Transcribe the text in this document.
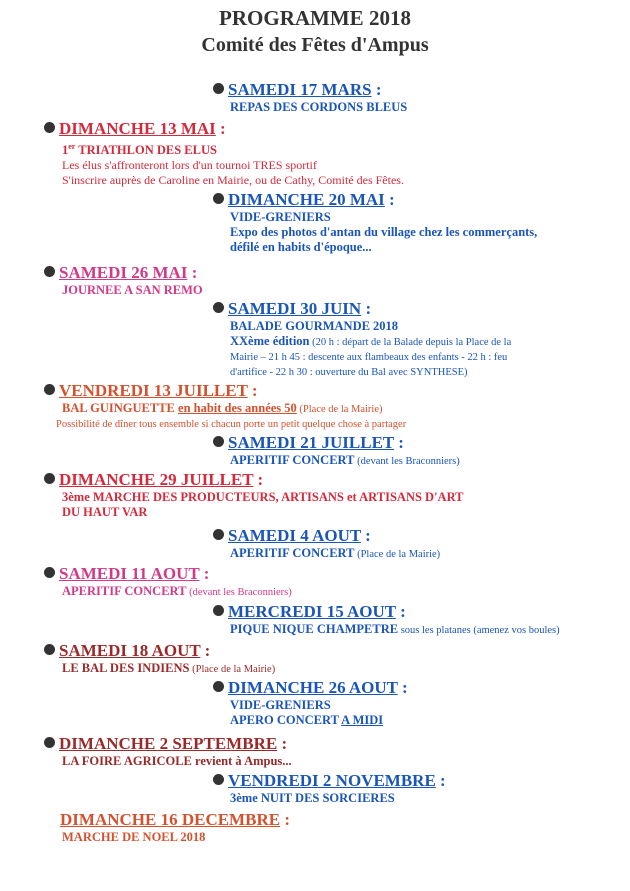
PROGRAMME 2018
Comité des Fêtes d'Ampus
SAMEDI 17 MARS :
REPAS DES CORDONS BLEUS
DIMANCHE 13 MAI :
1er TRIATHLON DES ELUS
Les élus s'affronteront lors d'un tournoi TRES sportif
S'inscrire auprès de Caroline en Mairie, ou de Cathy, Comité des Fêtes.
DIMANCHE 20 MAI :
VIDE-GRENIERS
Expo des photos d'antan du village chez les commerçants,
défilé en habits d'époque...
SAMEDI 26 MAI :
JOURNEE A SAN REMO
SAMEDI 30 JUIN :
BALADE GOURMANDE 2018
XXème édition (20 h : départ de la Balade depuis la Place de la
Mairie – 21 h 45 : descente aux flambeaux des enfants - 22 h : feu
d'artifice - 22 h 30 : ouverture du Bal avec SYNTHESE)
VENDREDI 13 JUILLET :
BAL GUINGUETTE en habit des années 50 (Place de la Mairie)
Possibilité de dîner tous ensemble si chacun porte un petit quelque chose à partager
SAMEDI 21 JUILLET :
APERITIF CONCERT (devant les Braconniers)
DIMANCHE 29 JUILLET :
3ème MARCHE DES PRODUCTEURS, ARTISANS et ARTISANS D'ART
DU HAUT VAR
SAMEDI 4 AOUT :
APERITIF CONCERT (Place de la Mairie)
SAMEDI 11 AOUT :
APERITIF CONCERT (devant les Braconniers)
MERCREDI 15 AOUT :
PIQUE NIQUE CHAMPETRE sous les platanes (amenez vos boules)
SAMEDI 18 AOUT :
LE BAL DES INDIENS (Place de la Mairie)
DIMANCHE 26 AOUT :
VIDE-GRENIERS
APERO CONCERT A MIDI
DIMANCHE 2 SEPTEMBRE :
LA FOIRE AGRICOLE revient à Ampus...
VENDREDI 2 NOVEMBRE :
3ème NUIT DES SORCIERES
DIMANCHE 16 DECEMBRE :
MARCHE DE NOEL 2018
